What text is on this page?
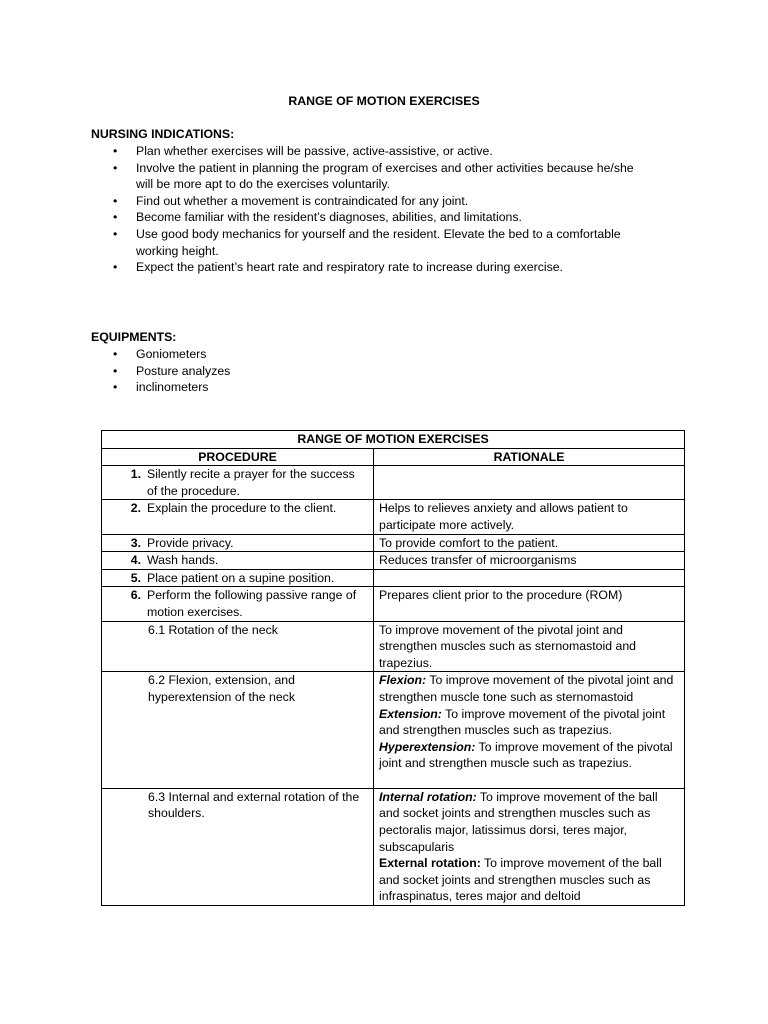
RANGE OF MOTION EXERCISES
NURSING INDICATIONS:
• Plan whether exercises will be passive, active-assistive, or active.
• Involve the patient in planning the program of exercises and other activities because he/she will be more apt to do the exercises voluntarily.
• Find out whether a movement is contraindicated for any joint.
• Become familiar with the resident’s diagnoses, abilities, and limitations.
• Use good body mechanics for yourself and the resident. Elevate the bed to a comfortable working height.
• Expect the patient’s heart rate and respiratory rate to increase during exercise.
EQUIPMENTS:
• Goniometers
• Posture analyzes
• inclinometers
RANGE OF MOTION EXERCISES	
PROCEDURE	RATIONALE
1. Silently recite a prayer for the success of the procedure.	
2. Explain the procedure to the client.	Helps to relieves anxiety and allows patient to participate more actively.
3. Provide privacy.	To provide comfort to the patient.
4. Wash hands.	Reduces transfer of microorganisms
5. Place patient on a supine position.	
6. Perform the following passive range of motion exercises.	Prepares client prior to the procedure (ROM)
6.1 Rotation of the neck	To improve movement of the pivotal joint and strengthen muscles such as sternomastoid and trapezius.
6.2 Flexion, extension, and hyperextension of the neck	Flexion: To improve movement of the pivotal joint and strengthen muscle tone such as sternomastoid
Extension: To improve movement of the pivotal joint and strengthen muscles such as trapezius.
Hyperextension: To improve movement of the pivotal joint and strengthen muscle such as trapezius.

6.3 Internal and external rotation of the shoulders.	Internal rotation: To improve movement of the ball and socket joints and strengthen muscles such as pectoralis major, latissimus dorsi, teres major, subscapularis
External rotation: To improve movement of the ball and socket joints and strengthen muscles such as infraspinatus, teres major and deltoid
